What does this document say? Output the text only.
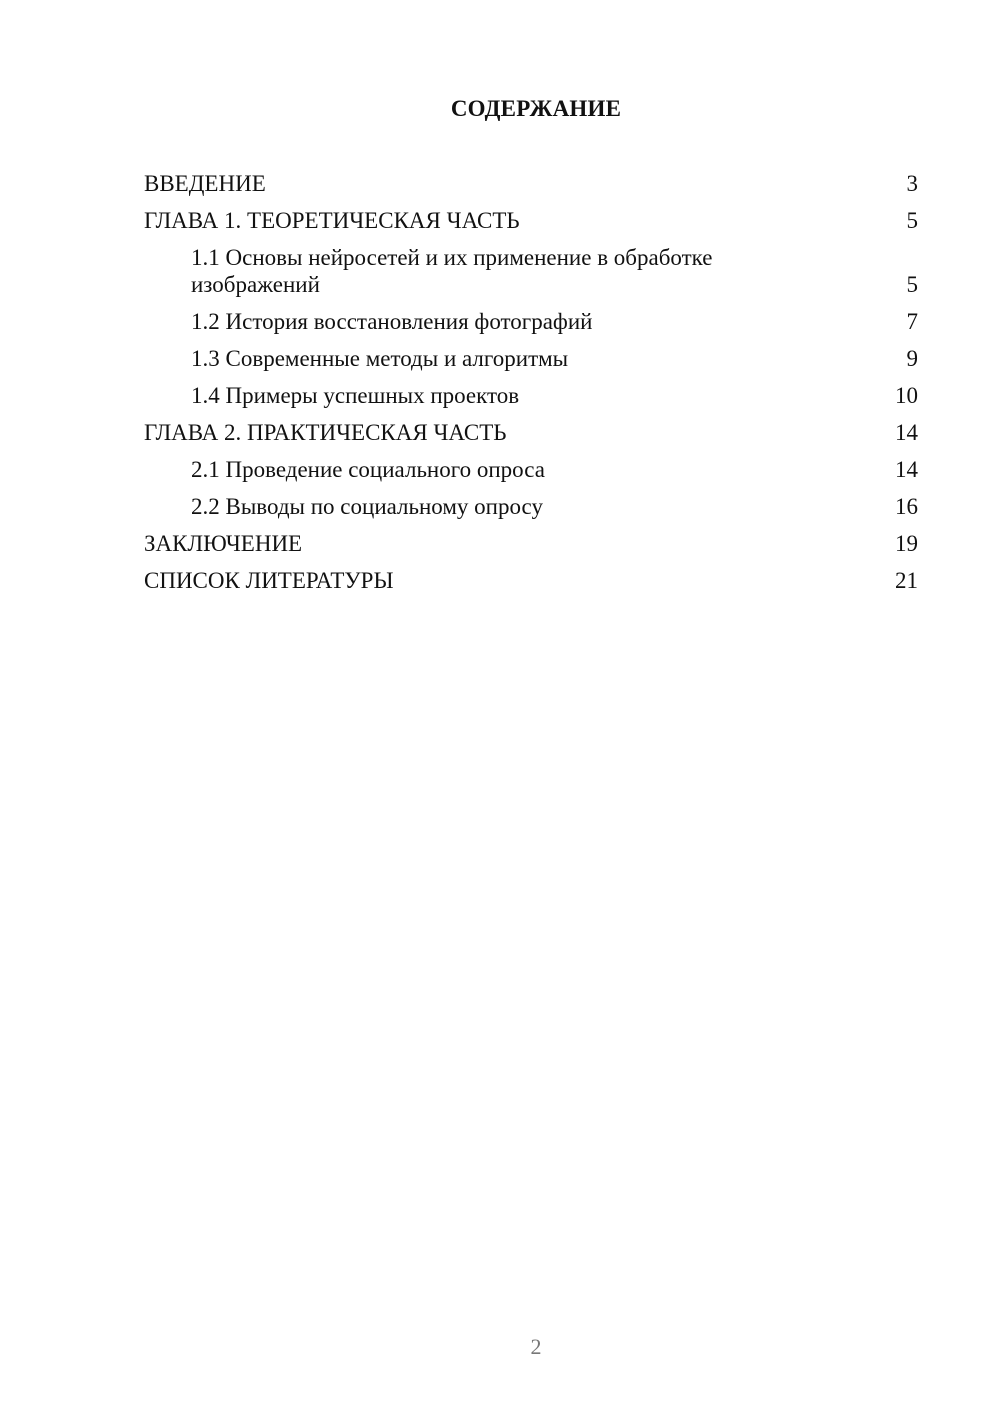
СОДЕРЖАНИЕ
ВВЕДЕНИЕ	3
ГЛАВА 1. ТЕОРЕТИЧЕСКАЯ ЧАСТЬ	5
1.1 Основы нейросетей и их применение в обработке изображений	5
1.2 История восстановления фотографий	7
1.3 Современные методы и алгоритмы	9
1.4 Примеры успешных проектов	10
ГЛАВА 2. ПРАКТИЧЕСКАЯ ЧАСТЬ	14
2.1 Проведение социального опроса	14
2.2 Выводы по социальному опросу	16
ЗАКЛЮЧЕНИЕ	19
СПИСОК ЛИТЕРАТУРЫ	21
2
